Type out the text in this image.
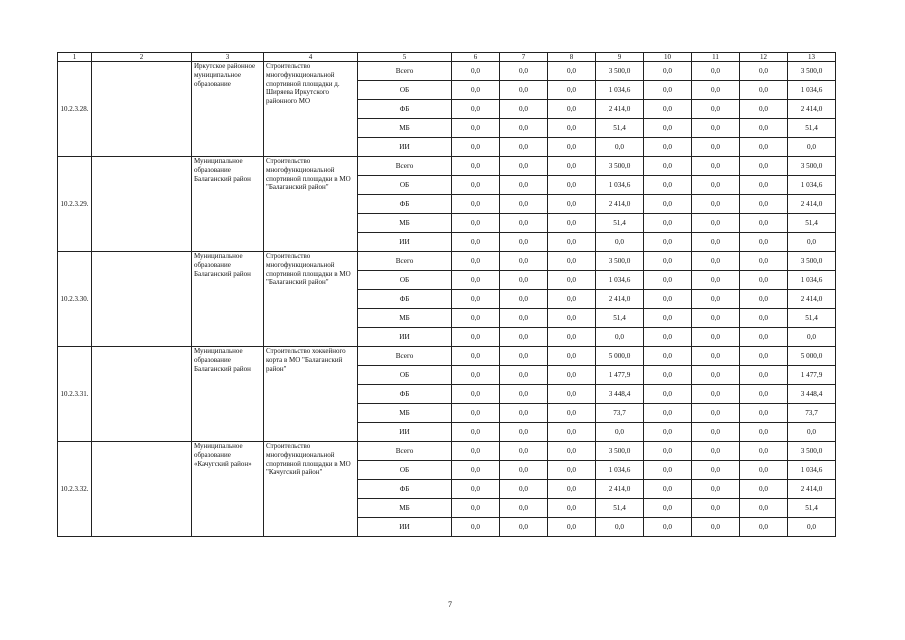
1	2	3	4	5	6	7	8	9	10	11	12	13
10.2.3.28.		Иркутское районное муниципальное образование	Строительство многофункциональной спортивной площадки д. Ширяева Иркутского районного МО	Всего	0,0	0,0	0,0	3 500,0	0,0	0,0	0,0	3 500,0
				ОБ	0,0	0,0	0,0	1 034,6	0,0	0,0	0,0	1 034,6
				ФБ	0,0	0,0	0,0	2 414,0	0,0	0,0	0,0	2 414,0
				МБ	0,0	0,0	0,0	51,4	0,0	0,0	0,0	51,4
				ИИ	0,0	0,0	0,0	0,0	0,0	0,0	0,0	0,0
10.2.3.29.		Муниципальное образование Балаганский район	Строительство многофункциональной спортивной площадки в МО "Балаганский район"	Всего	0,0	0,0	0,0	3 500,0	0,0	0,0	0,0	3 500,0
				ОБ	0,0	0,0	0,0	1 034,6	0,0	0,0	0,0	1 034,6
				ФБ	0,0	0,0	0,0	2 414,0	0,0	0,0	0,0	2 414,0
				МБ	0,0	0,0	0,0	51,4	0,0	0,0	0,0	51,4
				ИИ	0,0	0,0	0,0	0,0	0,0	0,0	0,0	0,0
10.2.3.30.		Муниципальное образование Балаганский район	Строительство многофункциональной спортивной площадки в МО "Балаганский район"	Всего	0,0	0,0	0,0	3 500,0	0,0	0,0	0,0	3 500,0
				ОБ	0,0	0,0	0,0	1 034,6	0,0	0,0	0,0	1 034,6
				ФБ	0,0	0,0	0,0	2 414,0	0,0	0,0	0,0	2 414,0
				МБ	0,0	0,0	0,0	51,4	0,0	0,0	0,0	51,4
				ИИ	0,0	0,0	0,0	0,0	0,0	0,0	0,0	0,0
10.2.3.31.		Муниципальное образование Балаганский район	Строительство хоккейного корта в МО "Балаганский район"	Всего	0,0	0,0	0,0	5 000,0	0,0	0,0	0,0	5 000,0
				ОБ	0,0	0,0	0,0	1 477,9	0,0	0,0	0,0	1 477,9
				ФБ	0,0	0,0	0,0	3 448,4	0,0	0,0	0,0	3 448,4
				МБ	0,0	0,0	0,0	73,7	0,0	0,0	0,0	73,7
				ИИ	0,0	0,0	0,0	0,0	0,0	0,0	0,0	0,0
10.2.3.32.		Муниципальное образование «Качугский район»	Строительство многофункциональной спортивной площадки в МО "Качугский район"	Всего	0,0	0,0	0,0	3 500,0	0,0	0,0	0,0	3 500,0
				ОБ	0,0	0,0	0,0	1 034,6	0,0	0,0	0,0	1 034,6
				ФБ	0,0	0,0	0,0	2 414,0	0,0	0,0	0,0	2 414,0
				МБ	0,0	0,0	0,0	51,4	0,0	0,0	0,0	51,4
				ИИ	0,0	0,0	0,0	0,0	0,0	0,0	0,0	0,0
7
